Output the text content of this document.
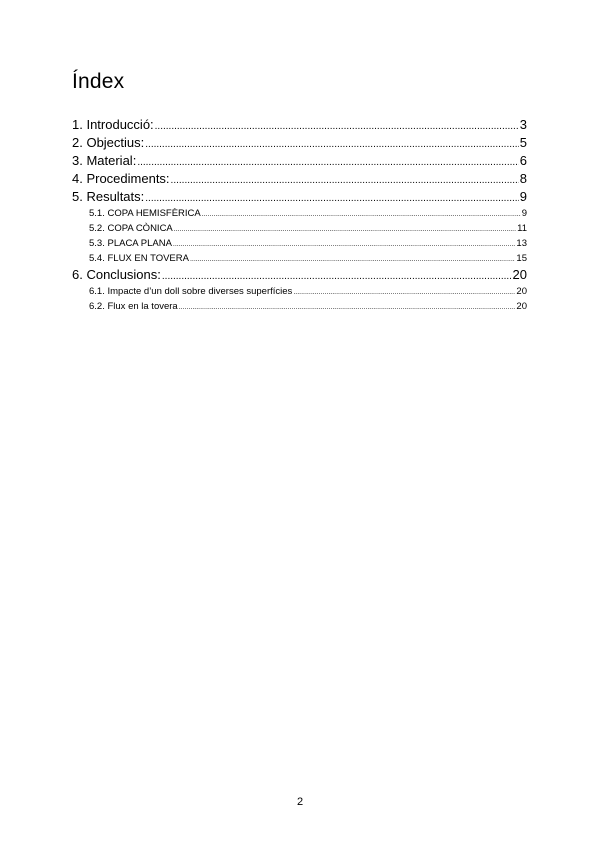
Índex
1. Introducció: .....	3
2. Objectius: .....	5
3. Material: .....	6
4. Procediments: .....	8
5. Resultats: .....	9
5.1. COPA HEMISFÈRICA .....	9
5.2. COPA CÒNICA .....	11
5.3. PLACA PLANA .....	13
5.4. FLUX EN TOVERA .....	15
6. Conclusions: .....	20
6.1. Impacte d’un doll sobre diverses superfícies .....	20
6.2. Flux en la tovera .....	20
2
